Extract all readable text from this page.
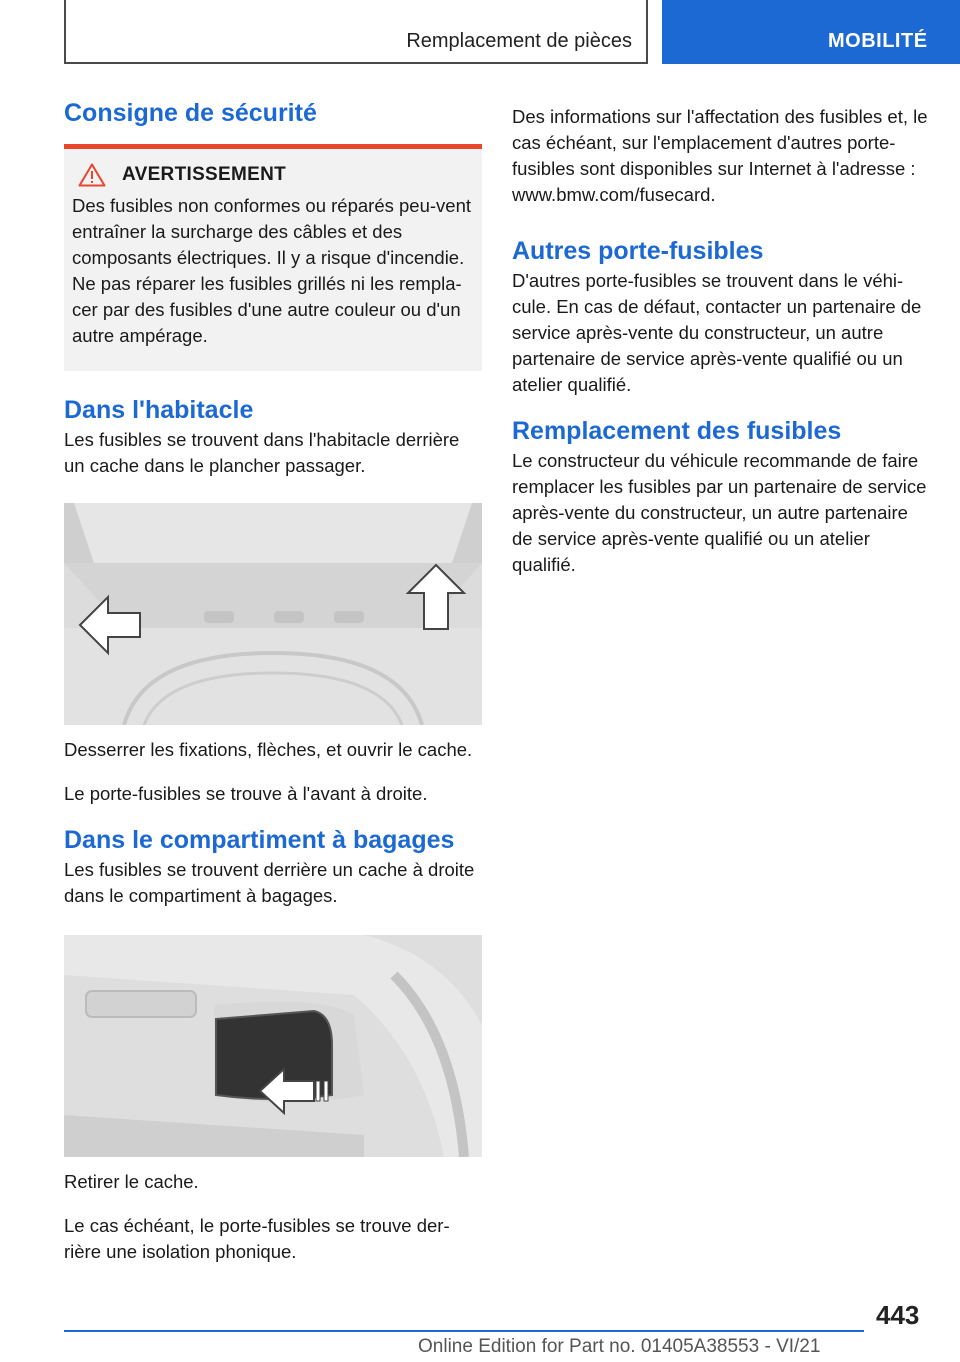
Remplacement de pièces	MOBILITÉ
Consigne de sécurité
AVERTISSEMENT

Des fusibles non conformes ou réparés peu-vent entraîner la surcharge des câbles et des composants électriques. Il y a risque d'incendie. Ne pas réparer les fusibles grillés ni les rempla-cer par des fusibles d'une autre couleur ou d'un autre ampérage.

Dans l'habitacle

Les fusibles se trouvent dans l'habitacle derrière un cache dans le plancher passager.

Desserrer les fixations, flèches, et ouvrir le cache.

Le porte-fusibles se trouve à l'avant à droite.

Dans le compartiment à bagages

Les fusibles se trouvent derrière un cache à droite dans le compartiment à bagages.

Retirer le cache.

Le cas échéant, le porte-fusibles se trouve der-rière une isolation phonique.

Des informations sur l'affectation des fusibles et, le cas échéant, sur l'emplacement d'autres porte-fusibles sont disponibles sur Internet à l'adresse : www.bmw.com/fusecard.

Autres porte-fusibles

D'autres porte-fusibles se trouvent dans le véhi-cule. En cas de défaut, contacter un partenaire de service après-vente du constructeur, un autre partenaire de service après-vente qualifié ou un atelier qualifié.

Remplacement des fusibles

Le constructeur du véhicule recommande de faire remplacer les fusibles par un partenaire de service après-vente du constructeur, un autre partenaire de service après-vente qualifié ou un atelier qualifié.

443
Online Edition for Part no. 01405A38553 - VI/21
